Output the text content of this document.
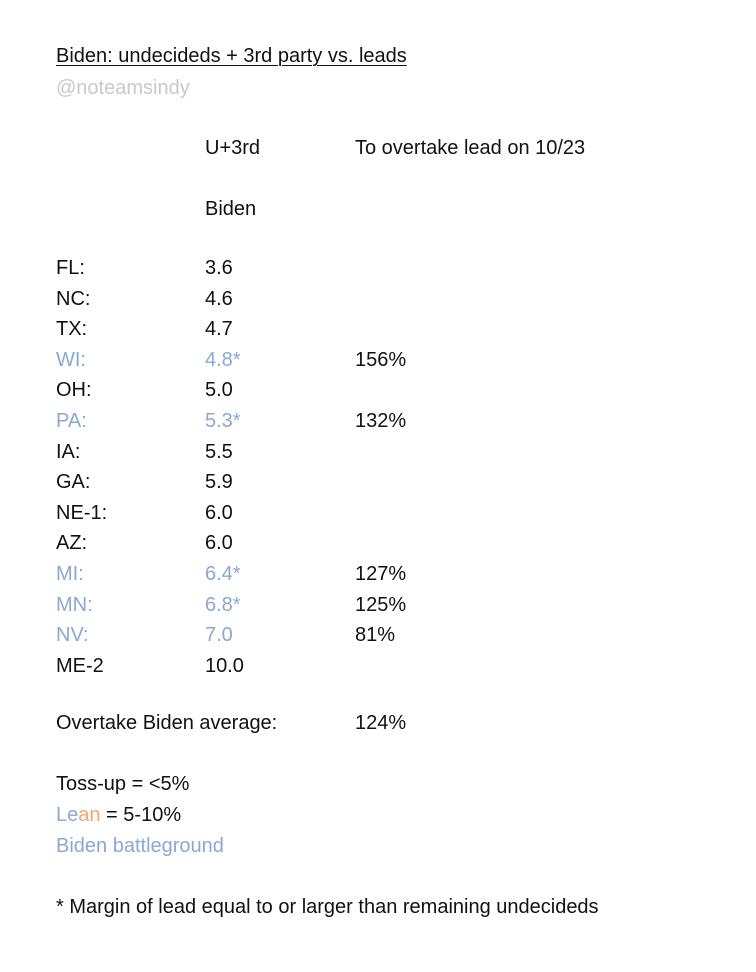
Biden: undecideds + 3rd party vs. leads
@noteamsindy
U+3rd	To overtake lead on 10/23
Biden
FL:	3.6
NC:	4.6
TX:	4.7
WI:	4.8*	156%
OH:	5.0
PA:	5.3*	132%
IA:	5.5
GA:	5.9
NE-1:	6.0
AZ:	6.0
MI:	6.4*	127%
MN:	6.8*	125%
NV:	7.0	81%
ME-2	10.0
Overtake Biden average:	124%
Toss-up = <5%
Lean = 5-10%
Biden battleground
* Margin of lead equal to or larger than remaining undecideds
